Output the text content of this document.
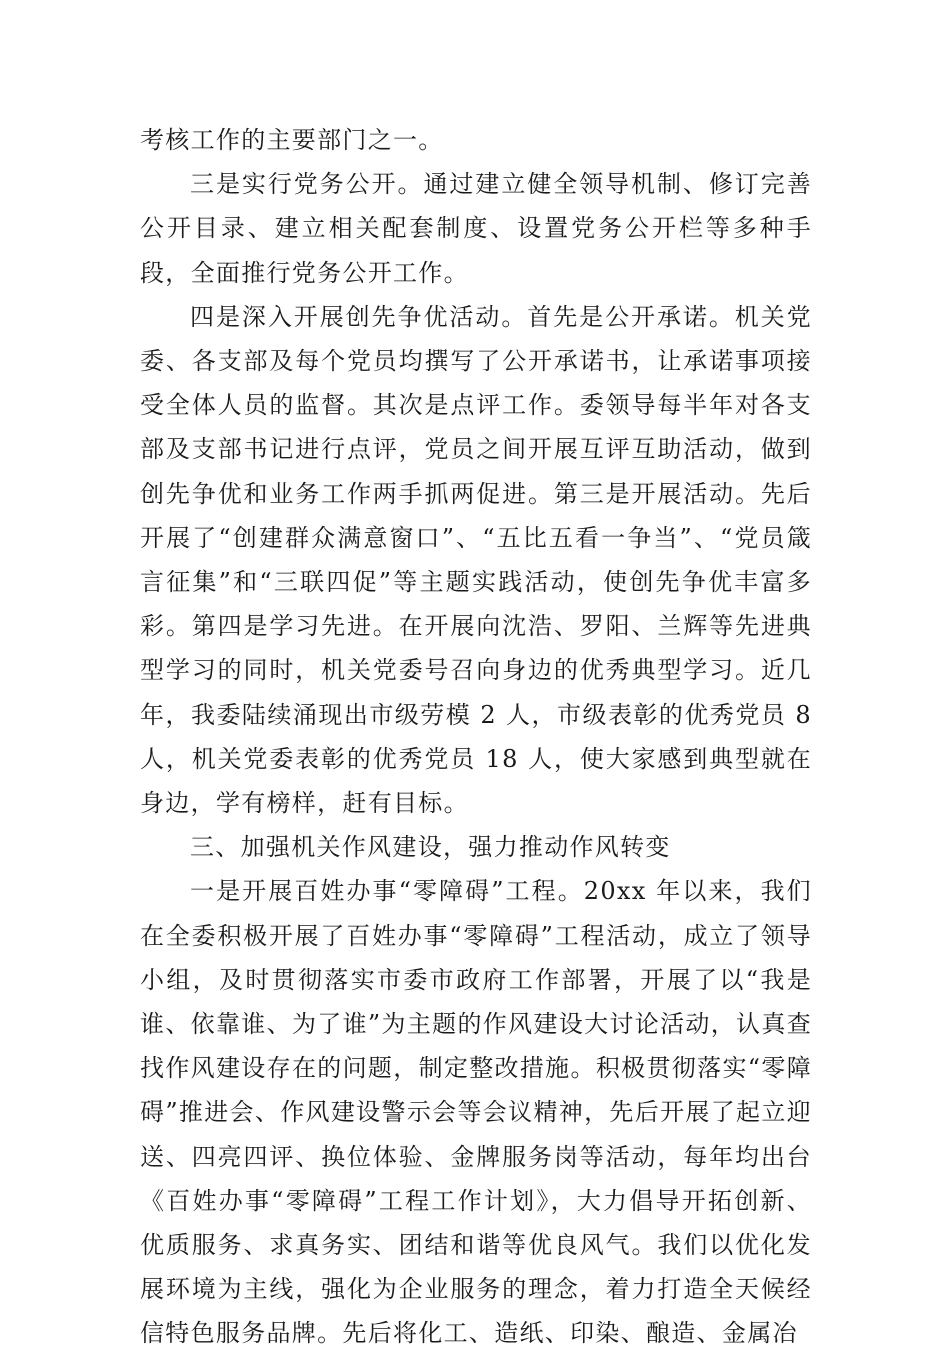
考核工作的主要部门之一。

三是实行党务公开。通过建立健全领导机制、修订完善公开目录、建立相关配套制度、设置党务公开栏等多种手段，全面推行党务公开工作。

四是深入开展创先争优活动。首先是公开承诺。机关党委、各支部及每个党员均撰写了公开承诺书，让承诺事项接受全体人员的监督。其次是点评工作。委领导每半年对各支部及支部书记进行点评，党员之间开展互评互助活动，做到创先争优和业务工作两手抓两促进。第三是开展活动。先后开展了“创建群众满意窗口”、“五比五看一争当”、“党员箴言征集”和“三联四促”等主题实践活动，使创先争优丰富多彩。第四是学习先进。在开展向沈浩、罗阳、兰辉等先进典型学习的同时，机关党委号召向身边的优秀典型学习。近几年，我委陆续涌现出市级劳模 2 人，市级表彰的优秀党员 8 人，机关党委表彰的优秀党员 18 人，使大家感到典型就在身边，学有榜样，赶有目标。

三、加强机关作风建设，强力推动作风转变

一是开展百姓办事“零障碍”工程。20xx 年以来，我们在全委积极开展了百姓办事“零障碍”工程活动，成立了领导小组，及时贯彻落实市委市政府工作部署，开展了以“我是谁、依靠谁、为了谁”为主题的作风建设大讨论活动，认真查找作风建设存在的问题，制定整改措施。积极贯彻落实“零障碍”推进会、作风建设警示会等会议精神，先后开展了起立迎送、四亮四评、换位体验、金牌服务岗等活动，每年均出台《百姓办事“零障碍”工程工作计划》，大力倡导开拓创新、优质服务、求真务实、团结和谐等优良风气。我们以优化发展环境为主线，强化为企业服务的理念，着力打造全天候经信特色服务品牌。先后将化工、造纸、印染、酿造、金属冶
